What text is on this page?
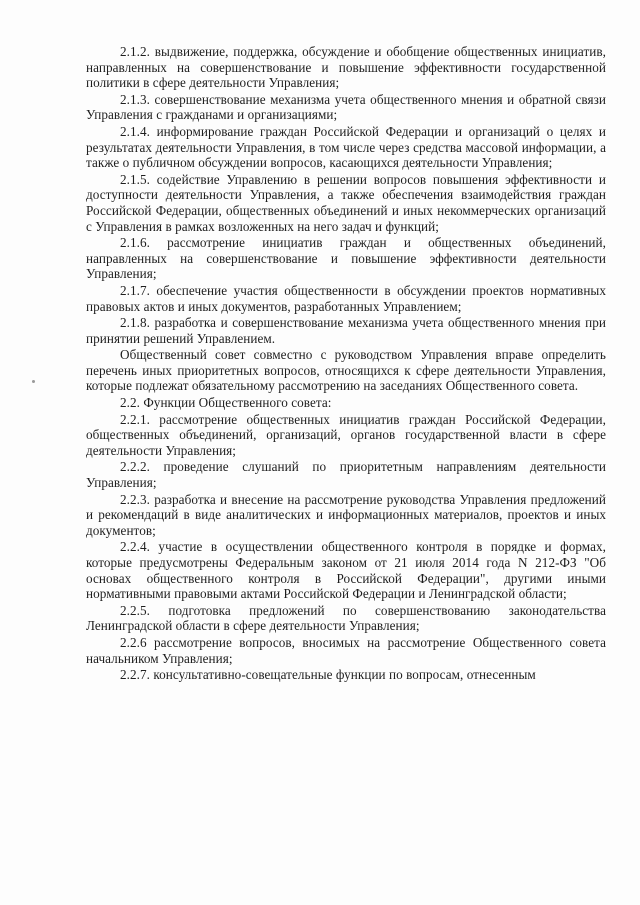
2.1.2. выдвижение, поддержка, обсуждение и обобщение общественных инициатив, направленных на совершенствование и повышение эффективности государственной политики в сфере деятельности Управления;

2.1.3. совершенствование механизма учета общественного мнения и обратной связи Управления с гражданами и организациями;

2.1.4. информирование граждан Российской Федерации и организаций о целях и результатах деятельности Управления, в том числе через средства массовой информации, а также о публичном обсуждении вопросов, касающихся деятельности Управления;

2.1.5. содействие Управлению в решении вопросов повышения эффективности и доступности деятельности Управления, а также обеспечения взаимодействия граждан Российской Федерации, общественных объединений и иных некоммерческих организаций с Управления в рамках возложенных на него задач и функций;

2.1.6. рассмотрение инициатив граждан и общественных объединений, направленных на совершенствование и повышение эффективности деятельности Управления;

2.1.7. обеспечение участия общественности в обсуждении проектов нормативных правовых актов и иных документов, разработанных Управлением;

2.1.8. разработка и совершенствование механизма учета общественного мнения при принятии решений Управлением.

Общественный совет совместно с руководством Управления вправе определить перечень иных приоритетных вопросов, относящихся к сфере деятельности Управления, которые подлежат обязательному рассмотрению на заседаниях Общественного совета.

2.2. Функции Общественного совета:

2.2.1. рассмотрение общественных инициатив граждан Российской Федерации, общественных объединений, организаций, органов государственной власти в сфере деятельности Управления;

2.2.2. проведение слушаний по приоритетным направлениям деятельности Управления;

2.2.3. разработка и внесение на рассмотрение руководства Управления предложений и рекомендаций в виде аналитических и информационных материалов, проектов и иных документов;

2.2.4. участие в осуществлении общественного контроля в порядке и формах, которые предусмотрены Федеральным законом от 21 июля 2014 года N 212-ФЗ "Об основах общественного контроля в Российской Федерации", другими иными нормативными правовыми актами Российской Федерации и Ленинградской области;

2.2.5. подготовка предложений по совершенствованию законодательства Ленинградской области в сфере деятельности Управления;

2.2.6 рассмотрение вопросов, вносимых на рассмотрение Общественного совета начальником Управления;

2.2.7. консультативно-совещательные функции по вопросам, отнесенным
